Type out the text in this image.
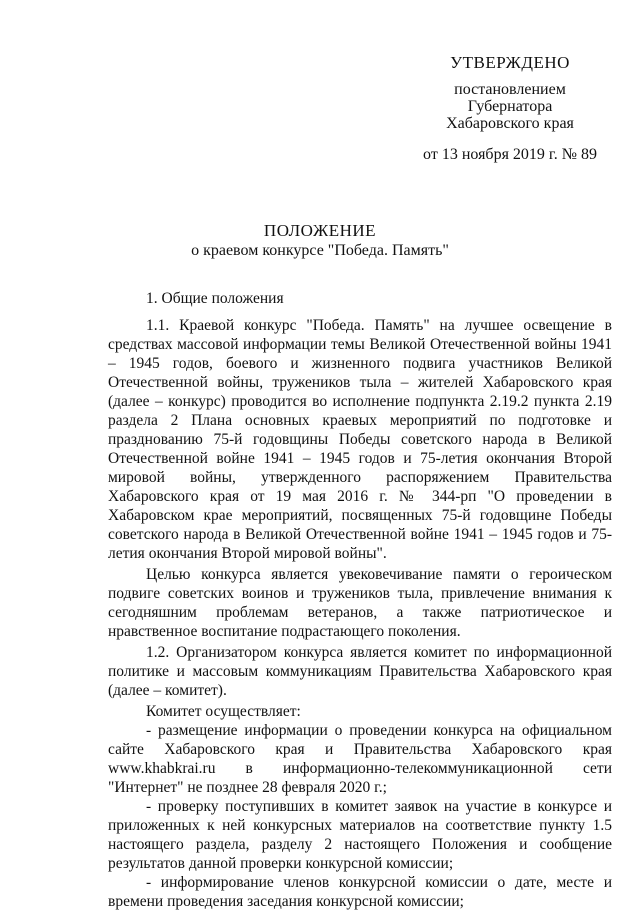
УТВЕРЖДЕНО
постановлением
Губернатора
Хабаровского края
от 13 ноября 2019 г. № 89
ПОЛОЖЕНИЕ
о краевом конкурсе "Победа. Память"

1. Общие положения

1.1. Краевой конкурс "Победа. Память" на лучшее освещение в средствах массовой информации темы Великой Отечественной войны 1941 – 1945 годов, боевого и жизненного подвига участников Великой Отечественной войны, тружеников тыла – жителей Хабаровского края (далее – конкурс) проводится во исполнение подпункта 2.19.2 пункта 2.19 раздела 2 Плана основных краевых мероприятий по подготовке и празднованию 75-й годовщины Победы советского народа в Великой Отечественной войне 1941 – 1945 годов и 75-летия окончания Второй мировой войны, утвержденного распоряжением Правительства Хабаровского края от 19 мая 2016 г. № 344-рп "О проведении в Хабаровском крае мероприятий, посвященных 75-й годовщине Победы советского народа в Великой Отечественной войне 1941 – 1945 годов и 75-летия окончания Второй мировой войны".

Целью конкурса является увековечивание памяти о героическом подвиге советских воинов и тружеников тыла, привлечение внимания к сегодняшним проблемам ветеранов, а также патриотическое и нравственное воспитание подрастающего поколения.

1.2. Организатором конкурса является комитет по информационной политике и массовым коммуникациям Правительства Хабаровского края (далее – комитет).

Комитет осуществляет:

- размещение информации о проведении конкурса на официальном сайте Хабаровского края и Правительства Хабаровского края www.khabkrai.ru в информационно-телекоммуникационной сети "Интернет" не позднее 28 февраля 2020 г.;

- проверку поступивших в комитет заявок на участие в конкурсе и приложенных к ней конкурсных материалов на соответствие пункту 1.5 настоящего раздела, разделу 2 настоящего Положения и сообщение результатов данной проверки конкурсной комиссии;

- информирование членов конкурсной комиссии о дате, месте и времени проведения заседания конкурсной комиссии;
